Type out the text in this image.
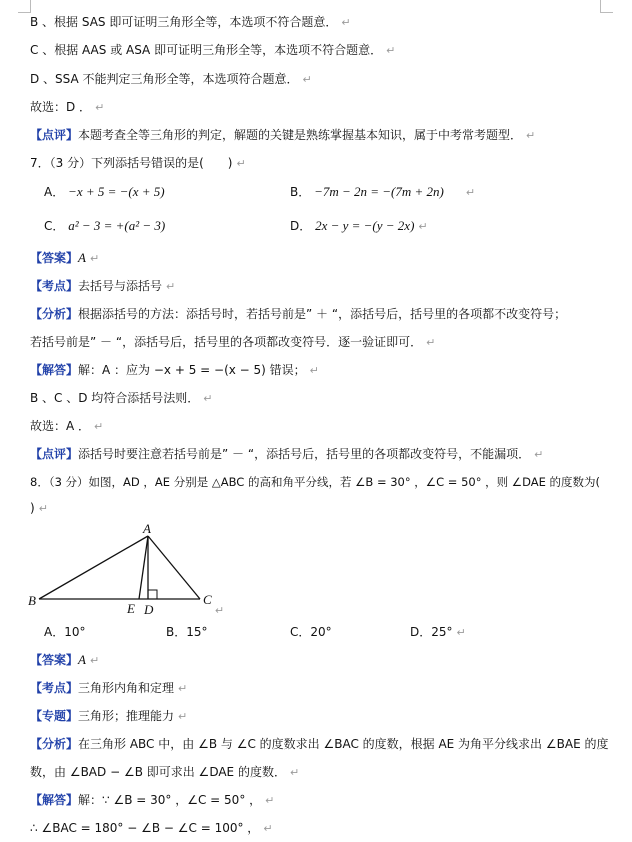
B 、根据 SAS 即可证明三角形全等，本选项不符合题意． ↵
C 、根据 AAS 或 ASA 即可证明三角形全等，本选项不符合题意． ↵
D 、SSA 不能判定三角形全等，本选项符合题意． ↵
故选：D ． ↵
【点评】本题考查全等三角形的判定，解题的关键是熟练掌握基本知识，属于中考常考题型． ↵
7．（3 分）下列添括号错误的是(　　) ↵
A． −x + 5 = −(x + 5)	B． −7m − 2n = −(7m + 2n) ↵
C． a² − 3 = +(a² − 3)	D． 2x − y = −(y − 2x) ↵
【答案】A ↵
【考点】去括号与添括号 ↵
【分析】根据添括号的方法：添括号时，若括号前是” ＋ “，添括号后，括号里的各项都不改变符号；
若括号前是” － “，添括号后，括号里的各项都改变符号．逐一验证即可． ↵
【解答】解：A ：应为 −x + 5 = −(x − 5) 错误； ↵
B 、C 、D 均符合添括号法则． ↵
故选：A ． ↵
【点评】添括号时要注意若括号前是” － “，添括号后，括号里的各项都改变符号，不能漏项． ↵
8．（3 分）如图，AD ，AE 分别是 △ABC 的高和角平分线，若 ∠B = 30° ，∠C = 50° ，则 ∠DAE 的度数为(
) ↵
A
B	C
E D	↵
A．10°	B．15°	C．20°	D．25° ↵
【答案】A ↵
【考点】三角形内角和定理 ↵
【专题】三角形；推理能力 ↵
【分析】在三角形 ABC 中，由 ∠B 与 ∠C 的度数求出 ∠BAC 的度数，根据 AE 为角平分线求出 ∠BAE 的度
数，由 ∠BAD − ∠B 即可求出 ∠DAE 的度数． ↵
【解答】解：∵ ∠B = 30° ，∠C = 50° ， ↵
∴ ∠BAC = 180° − ∠B − ∠C = 100° ， ↵
